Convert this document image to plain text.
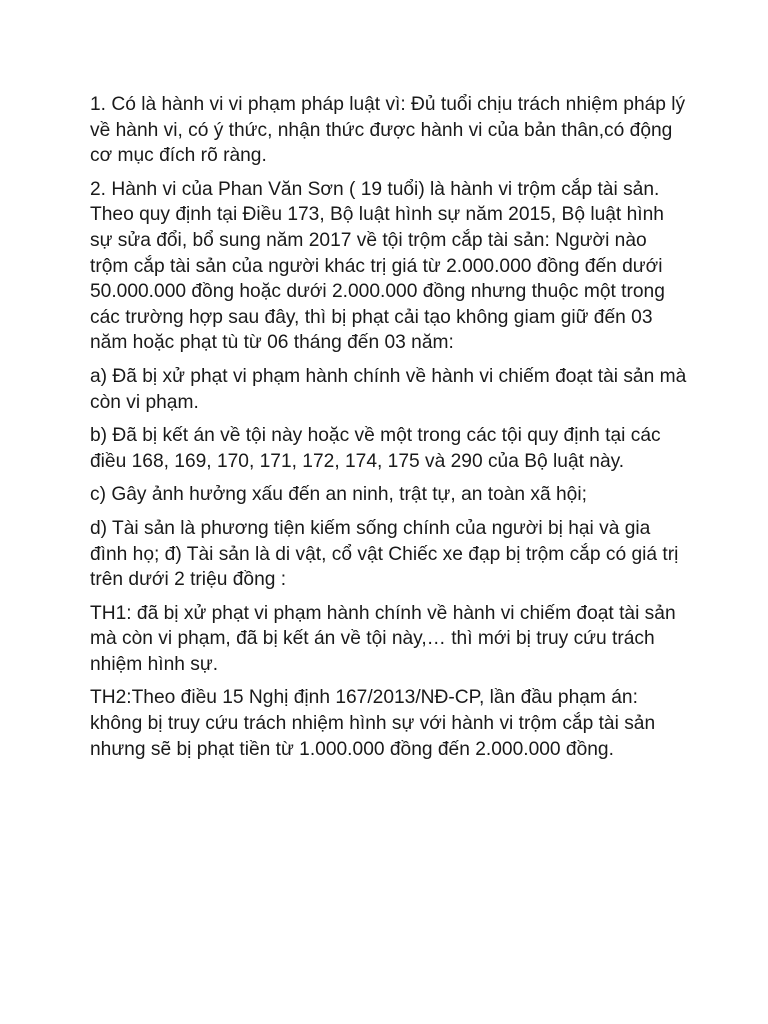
1. Có là hành vi vi phạm pháp luật vì: Đủ tuổi chịu trách nhiệm pháp lý về hành vi, có ý thức, nhận thức được hành vi của bản thân,có động cơ mục đích rõ ràng.

2. Hành vi của Phan Văn Sơn ( 19 tuổi) là hành vi trộm cắp tài sản. Theo quy định tại Điều 173, Bộ luật hình sự năm 2015, Bộ luật hình sự sửa đổi, bổ sung năm 2017 về tội trộm cắp tài sản: Người nào trộm cắp tài sản của người khác trị giá từ 2.000.000 đồng đến dưới 50.000.000 đồng hoặc dưới 2.000.000 đồng nhưng thuộc một trong các trường hợp sau đây, thì bị phạt cải tạo không giam giữ đến 03 năm hoặc phạt tù từ 06 tháng đến 03 năm:

a) Đã bị xử phạt vi phạm hành chính về hành vi chiếm đoạt tài sản mà còn vi phạm.

b) Đã bị kết án về tội này hoặc về một trong các tội quy định tại các điều 168, 169, 170, 171, 172, 174, 175 và 290 của Bộ luật này.

c) Gây ảnh hưởng xấu đến an ninh, trật tự, an toàn xã hội;

d) Tài sản là phương tiện kiếm sống chính của người bị hại và gia đình họ; đ) Tài sản là di vật, cổ vật Chiếc xe đạp bị trộm cắp có giá trị trên dưới 2 triệu đồng :

TH1: đã bị xử phạt vi phạm hành chính về hành vi chiếm đoạt tài sản mà còn vi phạm, đã bị kết án về tội này,… thì mới bị truy cứu trách nhiệm hình sự.

TH2:Theo điều 15 Nghị định 167/2013/NĐ-CP, lần đầu phạm án: không bị truy cứu trách nhiệm hình sự với hành vi trộm cắp tài sản nhưng sẽ bị phạt tiền từ 1.000.000 đồng đến 2.000.000 đồng.
